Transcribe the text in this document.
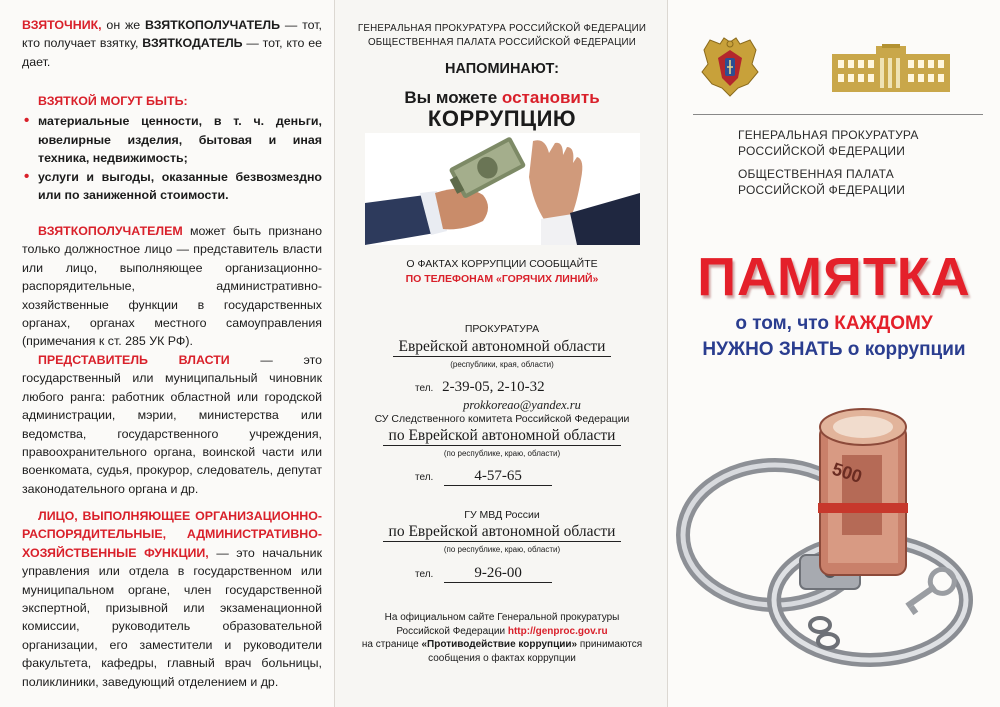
ВЗЯТОЧНИК, он же ВЗЯТКОПОЛУЧАТЕЛЬ — тот, кто получает взятку, ВЗЯТКОДАТЕЛЬ — тот, кто ее дает.
ВЗЯТКОЙ МОГУТ БЫТЬ:
• материальные ценности, в т. ч. деньги, ювелирные изделия, бытовая и иная техника, недвижимость;
• услуги и выгоды, оказанные безвозмездно или по заниженной стоимости.
ВЗЯТКОПОЛУЧАТЕЛЕМ может быть признано только должностное лицо — представитель власти или лицо, выполняющее организационно-распорядительные, административно-хозяйственные функции в государственных органах, органах местного самоуправления (примечания к ст. 285 УК РФ).
ПРЕДСТАВИТЕЛЬ ВЛАСТИ — это государственный или муниципальный чиновник любого ранга: работник областной или городской администрации, мэрии, министерства или ведомства, государственного учреждения, правоохранительного органа, воинской части или военкомата, судья, прокурор, следователь, депутат законодательного органа и др.
ЛИЦО, ВЫПОЛНЯЮЩЕЕ ОРГАНИЗАЦИОННО-РАСПОРЯДИТЕЛЬНЫЕ, АДМИНИСТРАТИВНО-ХОЗЯЙСТВЕННЫЕ ФУНКЦИИ, — это начальник управления или отдела в государственном или муниципальном органе, член государственной экспертной, призывной или экзаменационной комиссии, руководитель образовательной организации, его заместители и руководители факультета, кафедры, главный врач больницы, поликлиники, заведующий отделением и др.
ГЕНЕРАЛЬНАЯ ПРОКУРАТУРА РОССИЙСКОЙ ФЕДЕРАЦИИ
ОБЩЕСТВЕННАЯ ПАЛАТА РОССИЙСКОЙ ФЕДЕРАЦИИ
НАПОМИНАЮТ:
Вы можете остановить
КОРРУПЦИЮ
О ФАКТАХ КОРРУПЦИИ СООБЩАЙТЕ
ПО ТЕЛЕФОНАМ «ГОРЯЧИХ ЛИНИЙ»
ПРОКУРАТУРА
Еврейской автономной области
(республики, края, области)
тел. 2-39-05, 2-10-32
prokkoreao@yandex.ru
СУ Следственного комитета Российской Федерации
по Еврейской автономной области
(по республике, краю, области)
тел.	4-57-65
ГУ МВД России
по Еврейской автономной области
(по республике, краю, области)
тел.	9-26-00
На официальном сайте Генеральной прокуратуры
Российской Федерации http://genproc.gov.ru
на странице «Противодействие коррупции» принимаются
сообщения о фактах коррупции
ГЕНЕРАЛЬНАЯ ПРОКУРАТУРА
РОССИЙСКОЙ ФЕДЕРАЦИИ
ОБЩЕСТВЕННАЯ ПАЛАТА
РОССИЙСКОЙ ФЕДЕРАЦИИ
ПАМЯТКА
о том, что КАЖДОМУ
НУЖНО ЗНАТЬ о коррупции
500
